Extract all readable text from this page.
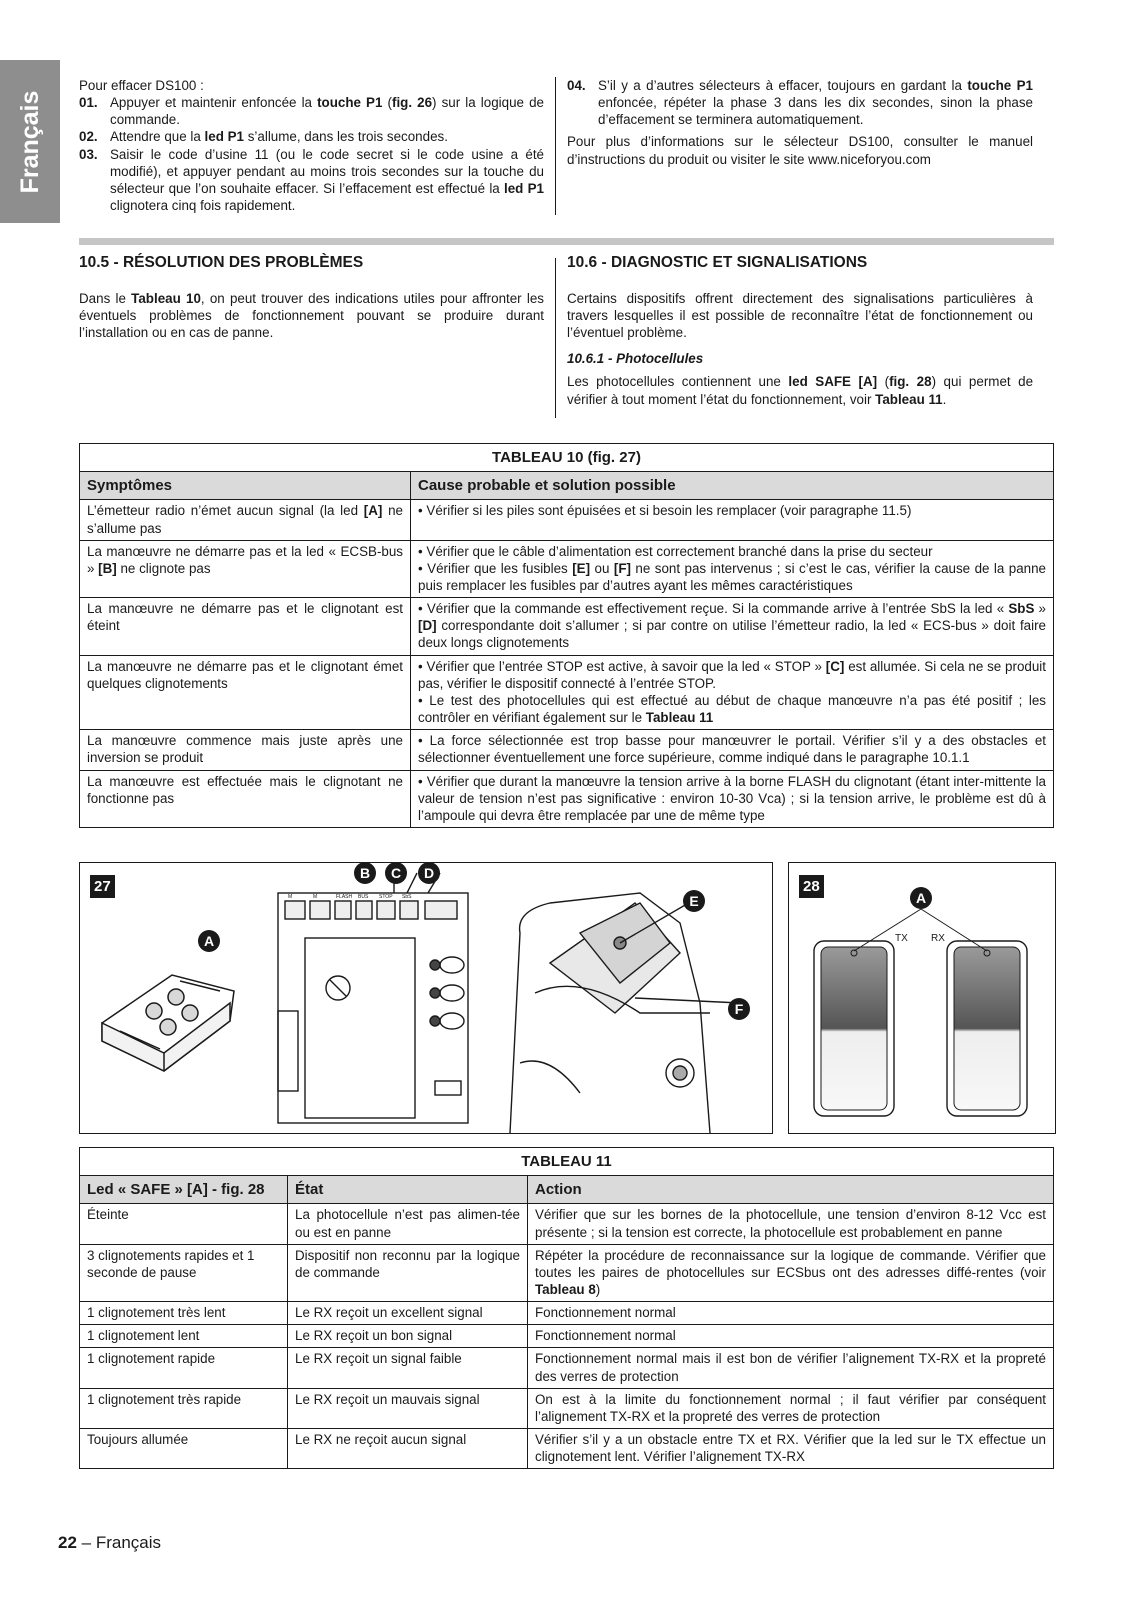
Français
Pour effacer DS100 :
01. Appuyer et maintenir enfoncée la touche P1 (fig. 26) sur la logique de commande.
02. Attendre que la led P1 s’allume, dans les trois secondes.
03. Saisir le code d’usine 11 (ou le code secret si le code usine a été modifié), et appuyer pendant au moins trois secondes sur la touche du sélecteur que l’on souhaite effacer. Si l’effacement est effectué la led P1 clignotera cinq fois rapidement.
04. S’il y a d’autres sélecteurs à effacer, toujours en gardant la touche P1 enfoncée, répéter la phase 3 dans les dix secondes, sinon la phase d’effacement se terminera automatiquement.
Pour plus d’informations sur le sélecteur DS100, consulter le manuel d’instructions du produit ou visiter le site www.niceforyou.com
10.5 - RÉSOLUTION DES PROBLÈMES

Dans le Tableau 10, on peut trouver des indications utiles pour affronter les éventuels problèmes de fonctionnement pouvant se produire durant l’installation ou en cas de panne.

10.6 - DIAGNOSTIC ET SIGNALISATIONS

Certains dispositifs offrent directement des signalisations particulières à travers lesquelles il est possible de reconnaître l’état de fonctionnement ou l’éventuel problème.

10.6.1 - Photocellules

Les photocellules contiennent une led SAFE [A] (fig. 28) qui permet de vérifier à tout moment l’état du fonctionnement, voir Tableau 11.

TABLEAU 10 (fig. 27)	
Symptômes	Cause probable et solution possible
L’émetteur radio n’émet aucun signal (la led [A] ne s’allume pas	• Vérifier si les piles sont épuisées et si besoin les remplacer (voir paragraphe 11.5)

La manœuvre ne démarre pas et la led « ECSB-bus » [B] ne clignote pas	• Vérifier que le câble d’alimentation est correctement branché dans la prise du secteur
• Vérifier que les fusibles [E] ou [F] ne sont pas intervenus ; si c’est le cas, vérifier la cause de la panne puis remplacer les fusibles par d’autres ayant les mêmes caractéristiques

La manœuvre ne démarre pas et le clignotant est éteint	• Vérifier que la commande est effectivement reçue. Si la commande arrive à l’entrée SbS la led « SbS » [D] correspondante doit s’allumer ; si par contre on utilise l’émetteur radio, la led « ECS-bus » doit faire deux longs clignotements

La manœuvre ne démarre pas et le clignotant émet quelques clignotements	• Vérifier que l’entrée STOP est active, à savoir que la led « STOP » [C] est allumée. Si cela ne se produit pas, vérifier le dispositif connecté à l’entrée STOP.
• Le test des photocellules qui est effectué au début de chaque manœuvre n’a pas été positif ; les contrôler en vérifiant également sur le Tableau 11

La manœuvre commence mais juste après une inversion se produit	• La force sélectionnée est trop basse pour manœuvrer le portail. Vérifier s’il y a des obstacles et sélectionner éventuellement une force supérieure, comme indiqué dans le paragraphe 10.1.1

La manœuvre est effectuée mais le clignotant ne fonctionne pas	• Vérifier que durant la manœuvre la tension arrive à la borne FLASH du clignotant (étant inter-mittente la valeur de tension n’est pas significative : environ 10-30 Vca) ; si la tension arrive, le problème est dû à l’ampoule qui devra être remplacée par une de même type
27
M	M	FLASH BUS STOP SbS
A
B	C	D
E
F
28
A
TX RX
TABLEAU 11		
Led « SAFE » [A] - fig. 28	État	Action
Éteinte	La photocellule n’est pas alimen-tée ou est en panne	Vérifier que sur les bornes de la photocellule, une tension d’environ 8-12 Vcc est présente ; si la tension est correcte, la photocellule est probablement en panne
3 clignotements rapides et 1 seconde de pause	Dispositif non reconnu par la logique de commande	Répéter la procédure de reconnaissance sur la logique de commande. Vérifier que toutes les paires de photocellules sur ECSbus ont des adresses diffé-rentes (voir Tableau 8)
1 clignotement très lent	Le RX reçoit un excellent signal	Fonctionnement normal
1 clignotement lent	Le RX reçoit un bon signal	Fonctionnement normal
1 clignotement rapide	Le RX reçoit un signal faible	Fonctionnement normal mais il est bon de vérifier l’alignement TX-RX et la propreté des verres de protection
1 clignotement très rapide	Le RX reçoit un mauvais signal	On est à la limite du fonctionnement normal ; il faut vérifier par conséquent l’alignement TX-RX et la propreté des verres de protection
Toujours allumée	Le RX ne reçoit aucun signal	Vérifier s’il y a un obstacle entre TX et RX. Vérifier que la led sur le TX effectue un clignotement lent. Vérifier l’alignement TX-RX
22 – Français
